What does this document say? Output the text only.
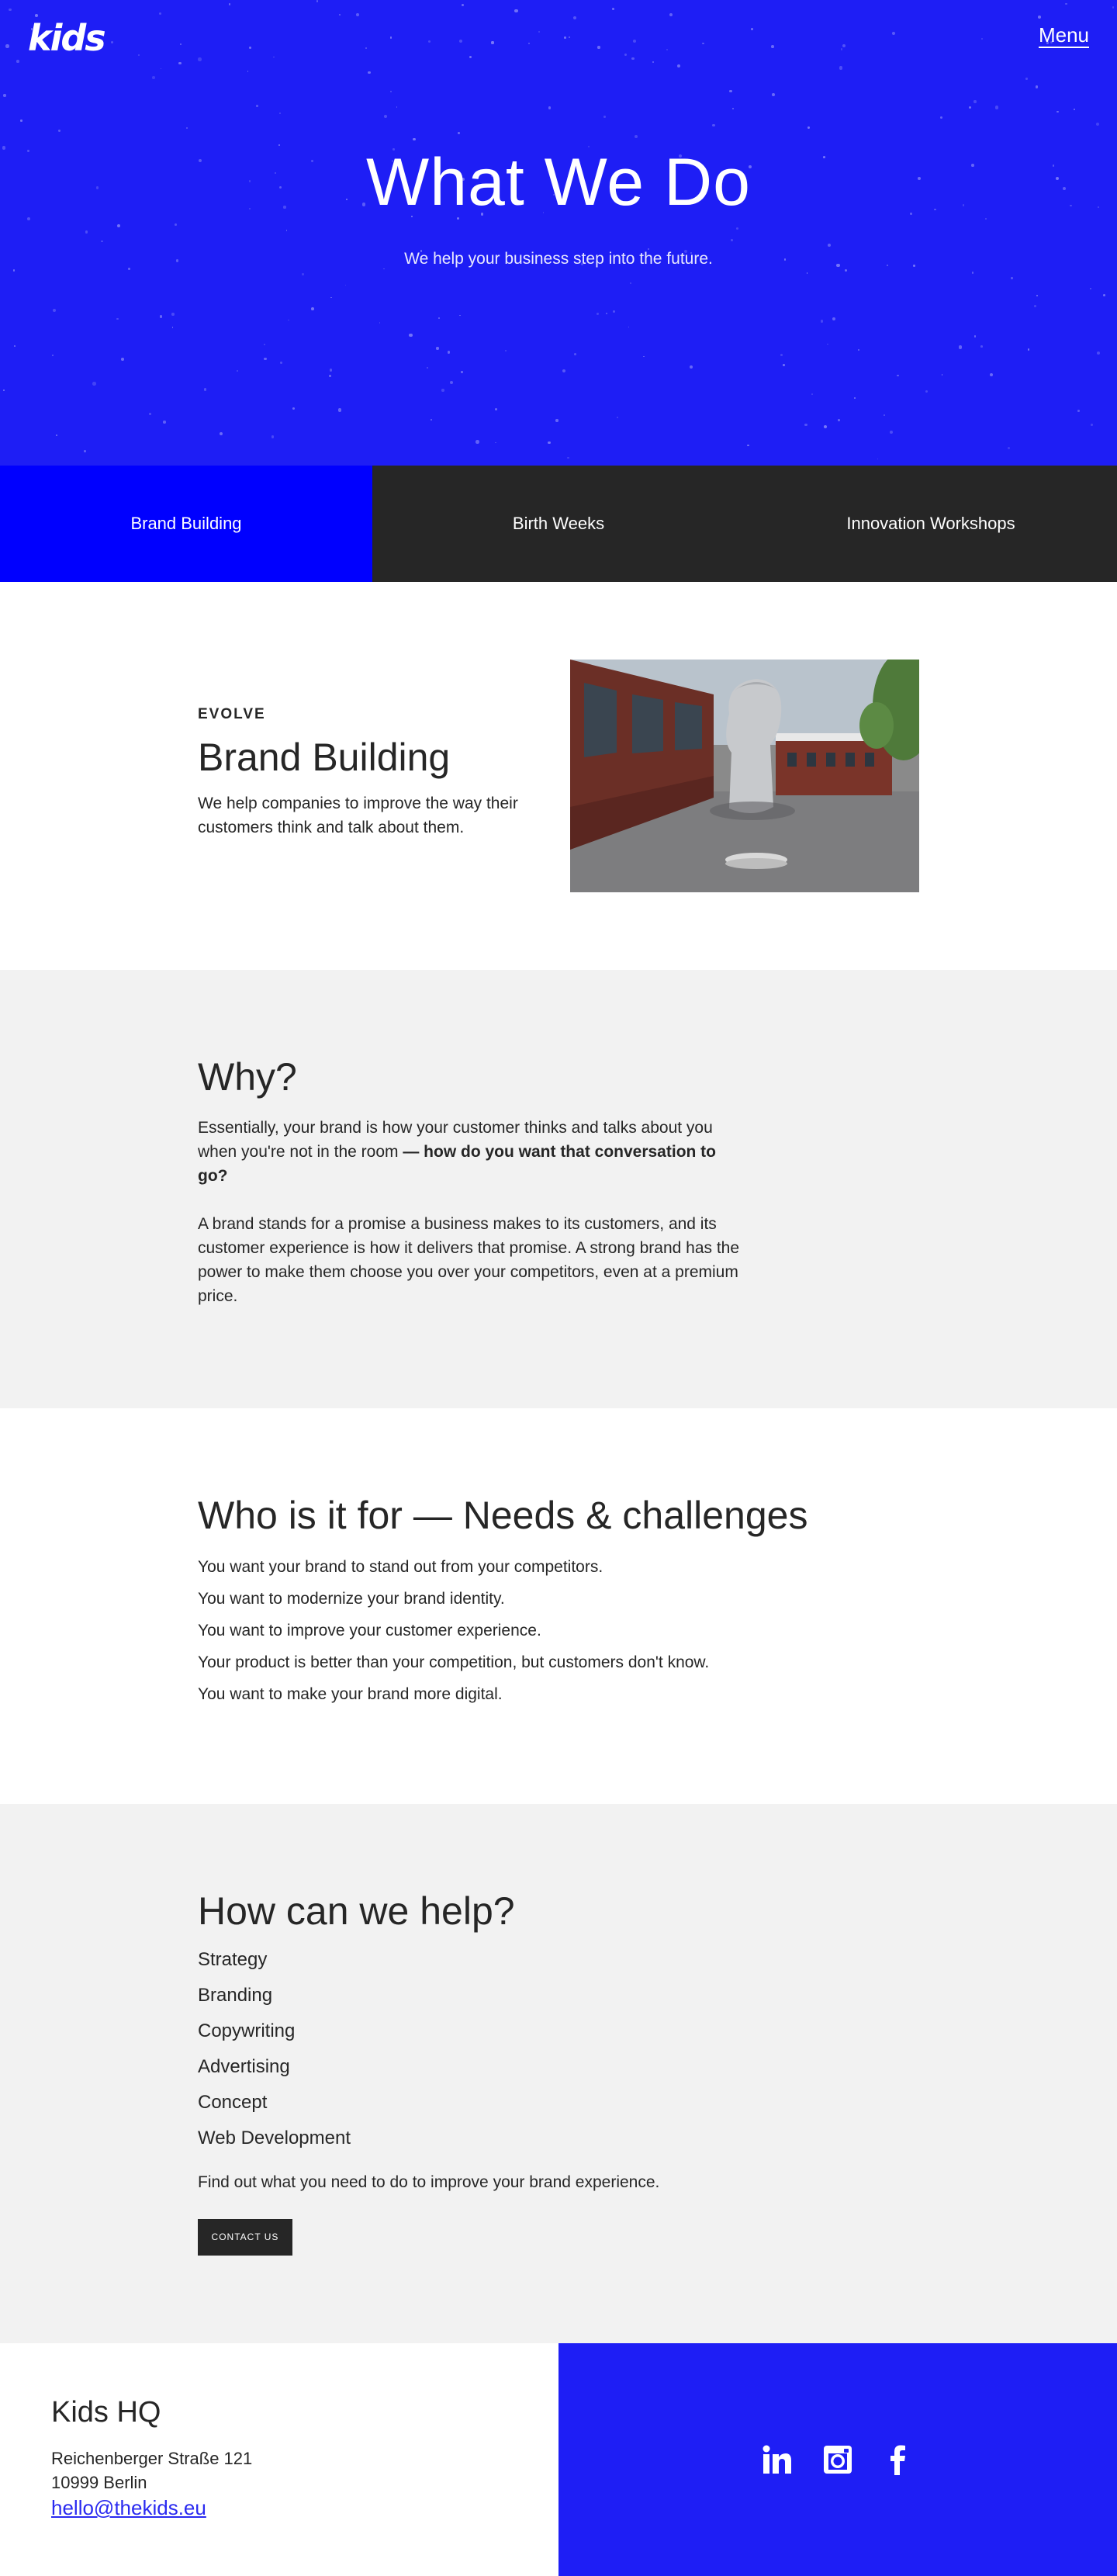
kids	Menu
What We Do

We help your business step into the future.

Brand Building	Birth Weeks	Innovation Workshops
EVOLVE
Brand Building

We help companies to improve the way their customers think and talk about them.

Why?

Essentially, your brand is how your customer thinks and talks about you when you're not in the room — how do you want that conversation to go?

A brand stands for a promise a business makes to its customers, and its customer experience is how it delivers that promise. A strong brand has the power to make them choose you over your competitors, even at a premium price.

Who is it for — Needs & challenges
You want your brand to stand out from your competitors.
You want to modernize your brand identity.
You want to improve your customer experience.
Your product is better than your competition, but customers don't know.
You want to make your brand more digital.
How can we help?
Strategy
Branding
Copywriting
Advertising
Concept
Web Development

Find out what you need to do to improve your brand experience.

CONTACT US
Kids HQ
Reichenberger Straße 121
10999 Berlin
hello@thekids.eu
